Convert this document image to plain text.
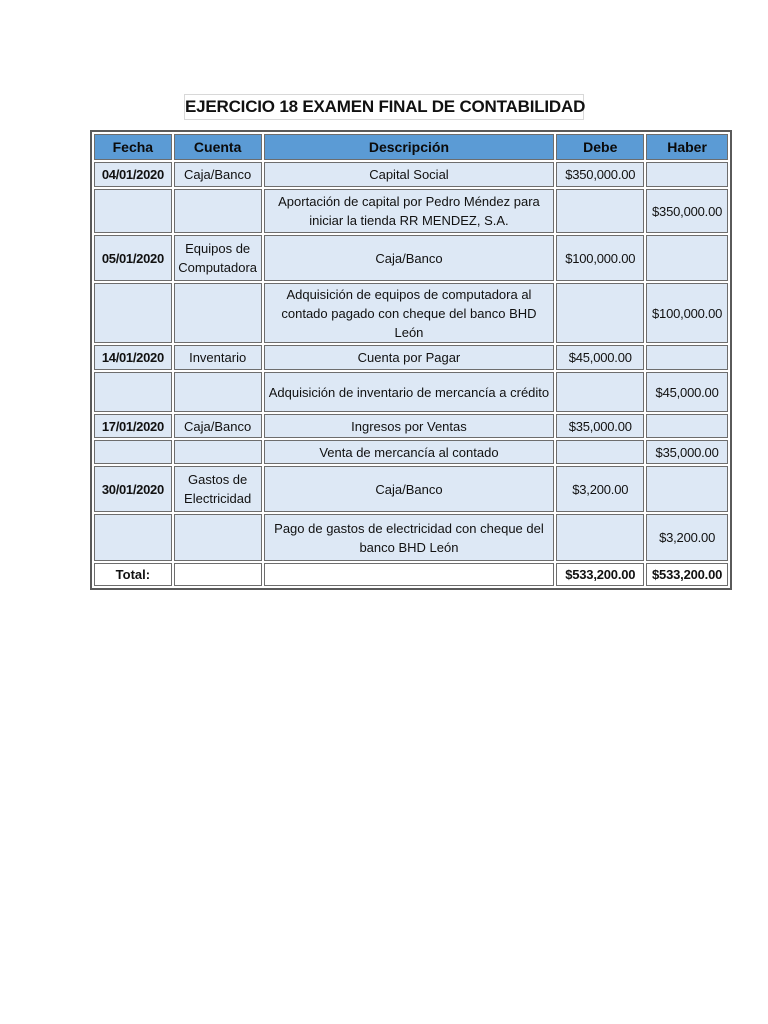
EJERCICIO 18 EXAMEN FINAL DE CONTABILIDAD
Fecha	Cuenta	Descripción	Debe	Haber
04/01/2020	Caja/Banco	Capital Social	$350,000.00	
		Aportación de capital por Pedro Méndez para iniciar la tienda RR MENDEZ, S.A.		$350,000.00
05/01/2020	Equipos de Computadora	Caja/Banco	$100,000.00	
		Adquisición de equipos de computadora al contado pagado con cheque del banco BHD León		$100,000.00
14/01/2020	Inventario	Cuenta por Pagar	$45,000.00	
		Adquisición de inventario de mercancía a crédito		$45,000.00
17/01/2020	Caja/Banco	Ingresos por Ventas	$35,000.00	
		Venta de mercancía al contado		$35,000.00
30/01/2020	Gastos de Electricidad	Caja/Banco	$3,200.00	
		Pago de gastos de electricidad con cheque del banco BHD León		$3,200.00
Total:			$533,200.00	$533,200.00
